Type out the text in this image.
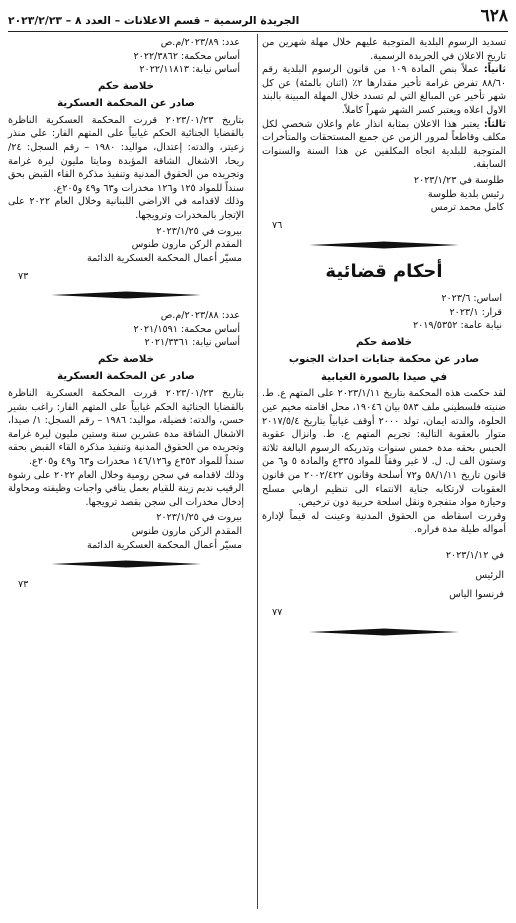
٦٢٨
الجريدة الرسمية – قسم الاعلانات – العدد ٨ – ٢٠٢٣/٢/٢٣

تسديد الرسوم البلدية المتوجبة عليهم خلال مهلة شهرين من تاريخ الاعلان في الجريدة الرسمية.

ثانياً: عملاً بنص المادة ١٠٩ من قانون الرسوم البلدية رقم ٨٨/٦٠ تفرض غرامة تأخير مقدارها ٢٪ (اثنان بالمئة) عن كل شهر تأخير عن المبالغ التي لم تسدد خلال المهلة المبينة بالبند الاول اعلاه ويعتبر كسر الشهر شهراً كاملاً.

ثالثاً: يعتبر هذا الاعلان بمثابة انذار عام واعلان شخصي لكل مكلف وقاطعاً لمرور الزمن عن جميع المستحقات والمتأخرات المتوجبة للبلدية اتجاه المكلفين عن هذا السنة والسنوات السابقة.

طلوسة في ٢٠٢٣/١/٢٣
رئيس بلدية طلوسة
كامل محمد ترمس
٧٦
أحكام قضائية
اساس: ٢٠٢٣/٦
قرار: ٢٠٢٣/١
نيابة عامة: ٢٠١٩/٥٣٥٢
خلاصة حكم
صادر عن محكمة جنايات احداث الجنوب
في صيدا بالصورة الغيابية

لقد حكمت هذه المحكمة بتاريخ ٢٠٢٣/١/١١ على المتهم ع. ط. ضنيته فلسطيني ملف ٥٨٣ بيان ١٩٠٤٦، محل اقامته مخيم عين الحلوة، والدته ايمان، تولد ٢٠٠٠ أوقف غيابياً بتاريخ ٢٠١٧/٥/٤ متوار بالعقوبة التالية: تجريم المتهم ع. ط. وانزال عقوبة الحبس بحقه مدة خمس سنوات وتدريكه الرسوم البالغة ثلاثة وستون الف ل. ل. لا غير وفقاً للمواد ٣٣٥ع والمادة ٥ و٦ من قانون تاريخ ٥٨/١/١١ و٧٢ أسلحة وقانون ٢٠٠٢/٤٢٢ من قانون العقوبات لارتكابه جناية الانتماء الى تنظيم ارهابي مسلح وحيازة مواد متفجرة ونقل اسلحة حربية دون ترخيص.

وقررت اسقاطه من الحقوق المدنية وعينت له قيماً لإدارة أمواله طيلة مدة فراره.

في ٢٠٢٣/١/١٢
الرئيس
فرنسوا الياس
٧٧
عدد: ٢٠٢٣/٨٩/م.ص
أساس محكمة: ٢٠٢٢/٣٨٦٢
أساس نيابة: ٢٠٢٢/١١٨١٣
خلاصة حكم
صادر عن المحكمة العسكرية

بتاريخ ٢٠٢٣/٠١/٢٣ قررت المحكمة العسكرية الناظرة بالقضايا الجنائية الحكم غيابياً على المتهم الفار: علي منذر زعيتر، والدته: إعتدال، مواليد: ١٩٨٠ – رقم السجل: ٢٤/ ريحا، الاشغال الشاقة المؤبدة ومايتا مليون ليرة غرامة وتجريده من الحقوق المدنية وتنفيذ مذكرة القاء القبض بحق سنداً للمواد ١٢٥ و١٢٦ مخدرات و٦٣ و٤٩ و٢٠٥ع.

وذلك لاقدامه في الاراضي اللبنانية وخلال العام ٢٠٢٢ على الإتجار بالمخدرات وترويجها.

بيروت في ٢٠٢٣/١/٢٥
المقدم الركن مارون طنوس
مسيّر أعمال المحكمة العسكرية الدائمة
٧٣
عدد: ٢٠٢٣/٨٨/م.ص
أساس محكمة: ٢٠٢١/١٥٩١
أساس نيابة: ٢٠٢١/٣٣٦١
خلاصة حكم
صادر عن المحكمة العسكرية

بتاريخ ٢٠٢٣/٠١/٢٣ قررت المحكمة العسكرية الناظرة بالقضايا الجنائية الحكم غيابياً على المتهم الفار: راغب بشير حسن، والدته: فضيلة، مواليد: ١٩٨٦ – رقم السجل: ١/ صيدا، الاشغال الشاقة مدة عشرين سنة وستين مليون ليرة غرامة وتجريده من الحقوق المدنية وتنفيذ مذكرة القاء القبض بحقه سنداً للمواد ٣٥٣ع و١٤٦/١٢٦ مخدرات و٦٣ و٤٩ و٢٠٥ع.

وذلك لاقدامه في سجن رومية وخلال العام ٢٠٢٢ على رشوة الرقيب نديم زينة للقيام بعمل ينافي واجبات وظيفته ومحاولة إدخال مخدرات الى سجن بقصد ترويجها.

بيروت في ٢٠٢٣/١/٢٥
المقدم الركن مارون طنوس
مسيّر أعمال المحكمة العسكرية الدائمة
٧٣
